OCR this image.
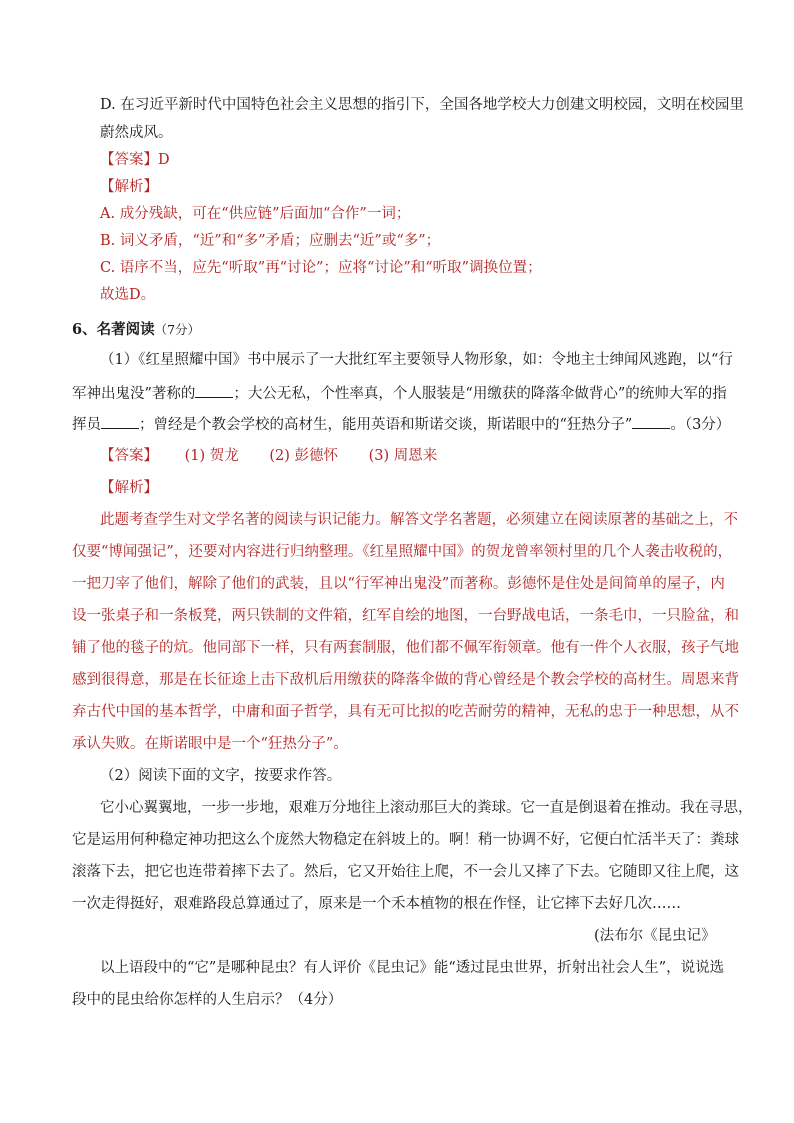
D. 在习近平新时代中国特色社会主义思想的指引下，全国各地学校大力创建文明校园，文明在校园里
蔚然成风。
【答案】D
【解析】
A. 成分残缺，可在“供应链”后面加“合作”一词；
B. 词义矛盾，“近”和“多”矛盾；应删去“近”或“多”；
C. 语序不当，应先“听取”再“讨论”；应将“讨论”和“听取”调换位置；
故选D。
6、名著阅读（7分）
（1）《红星照耀中国》书中展示了一大批红军主要领导人物形象，如：令地主士绅闻风逃跑，以“行
军神出鬼没”著称的	；大公无私，个性率真，个人服装是“用缴获的降落伞做背心”的统帅大军的指
挥员	；曾经是个教会学校的高材生，能用英语和斯诺交谈，斯诺眼中的“狂热分子”	。（3分）
【答案】 (1) 贺龙 (2) 彭德怀 (3) 周恩来
【解析】
此题考查学生对文学名著的阅读与识记能力。解答文学名著题，必须建立在阅读原著的基础之上，不
仅要“博闻强记”，还要对内容进行归纳整理。《红星照耀中国》的贺龙曾率领村里的几个人袭击收税的，
一把刀宰了他们，解除了他们的武装，且以“行军神出鬼没”而著称。彭德怀是住处是间简单的屋子，内
设一张桌子和一条板凳，两只铁制的文件箱，红军自绘的地图，一台野战电话，一条毛巾，一只脸盆，和
铺了他的毯子的炕。他同部下一样，只有两套制服，他们都不佩军衔领章。他有一件个人衣服，孩子气地
感到很得意，那是在长征途上击下敌机后用缴获的降落伞做的背心曾经是个教会学校的高材生。周恩来背
弃古代中国的基本哲学，中庸和面子哲学，具有无可比拟的吃苦耐劳的精神，无私的忠于一种思想，从不
承认失败。在斯诺眼中是一个“狂热分子”。
（2）阅读下面的文字，按要求作答。
它小心翼翼地，一步一步地，艰难万分地往上滚动那巨大的粪球。它一直是倒退着在推动。我在寻思，
它是运用何种稳定神功把这么个庞然大物稳定在斜坡上的。啊！稍一协调不好，它便白忙活半天了：粪球
滚落下去，把它也连带着摔下去了。然后，它又开始往上爬，不一会儿又摔了下去。它随即又往上爬，这
一次走得挺好，艰难路段总算通过了，原来是一个禾本植物的根在作怪，让它摔下去好几次……
(法布尔《昆虫记》
以上语段中的“它”是哪种昆虫？有人评价《昆虫记》能“透过昆虫世界，折射出社会人生”，说说选
段中的昆虫给你怎样的人生启示？（4分）
